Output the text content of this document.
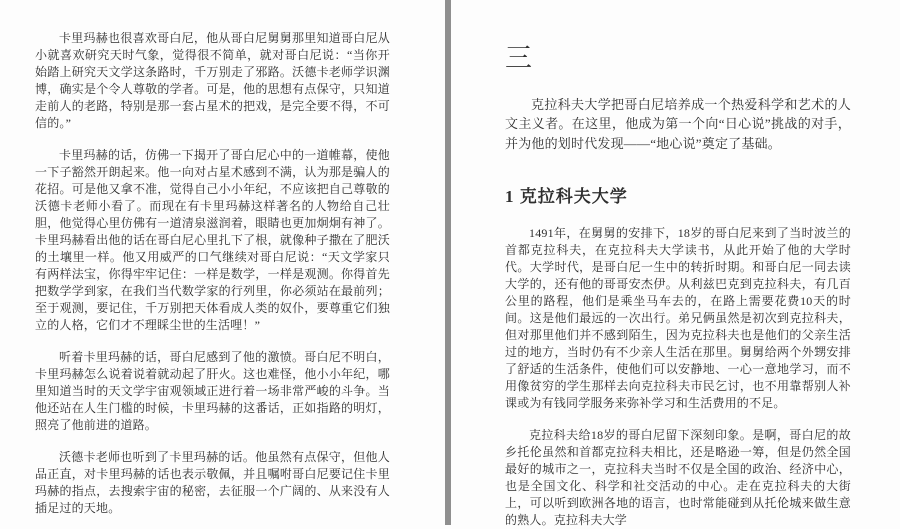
卡里玛赫也很喜欢哥白尼，他从哥白尼舅舅那里知道哥白尼从小就喜欢研究天时气象，觉得很不简单，就对哥白尼说：“当你开始踏上研究天文学这条路时，千万别走了邪路。沃德卡老师学识渊博，确实是个令人尊敬的学者。可是，他的思想有点保守，只知道走前人的老路，特别是那一套占星术的把戏，是完全要不得，不可信的。”

卡里玛赫的话，仿佛一下揭开了哥白尼心中的一道帷幕，使他一下子豁然开朗起来。他一向对占星术感到不满，认为那是骗人的花招。可是他又拿不准，觉得自己小小年纪，不应该把自己尊敬的沃德卡老师小看了。而现在有卡里玛赫这样著名的人物给自己壮胆，他觉得心里仿佛有一道清泉滋润着，眼睛也更加炯炯有神了。卡里玛赫看出他的话在哥白尼心里扎下了根，就像种子撒在了肥沃的土壤里一样。他又用威严的口气继续对哥白尼说：“天文学家只有两样法宝，你得牢牢记住：一样是数学，一样是观测。你得首先把数学学到家，在我们当代数学家的行列里，你必须站在最前列；至于观测，要记住，千万别把天体看成人类的奴仆，要尊重它们独立的人格，它们才不理睬尘世的生活哩！”

听着卡里玛赫的话，哥白尼感到了他的激愤。哥白尼不明白，卡里玛赫怎么说着说着就动起了肝火。这也难怪，他小小年纪，哪里知道当时的天文学宇宙观领域正进行着一场非常严峻的斗争。当他还站在人生门槛的时候，卡里玛赫的这番话，正如指路的明灯，照亮了他前进的道路。

沃德卡老师也听到了卡里玛赫的话。他虽然有点保守，但他人品正直，对卡里玛赫的话也表示敬佩，并且嘱咐哥白尼要记住卡里玛赫的指点，去搜索宇宙的秘密，去征服一个广阔的、从来没有人插足过的天地。

三

克拉科夫大学把哥白尼培养成一个热爱科学和艺术的人文主义者。在这里，他成为第一个向“日心说”挑战的对手，并为他的划时代发现——“地心说”奠定了基础。

1 克拉科夫大学

1491年，在舅舅的安排下，18岁的哥白尼来到了当时波兰的首都克拉科夫，在克拉科夫大学读书，从此开始了他的大学时代。大学时代，是哥白尼一生中的转折时期。和哥白尼一同去读大学的，还有他的哥哥安杰伊。从利兹巴克到克拉科夫，有几百公里的路程，他们是乘坐马车去的，在路上需要花费10天的时间。这是他们最远的一次出行。弟兄俩虽然是初次到克拉科夫，但对那里他们并不感到陌生，因为克拉科夫也是他们的父亲生活过的地方，当时仍有不少亲人生活在那里。舅舅给两个外甥安排了舒适的生活条件，使他们可以安静地、一心一意地学习，而不用像贫穷的学生那样去向克拉科夫市民乞讨，也不用靠帮别人补课或为有钱同学服务来弥补学习和生活费用的不足。

克拉科夫给18岁的哥白尼留下深刻印象。是啊，哥白尼的故乡托伦虽然和首都克拉科夫相比，还是略逊一筹，但是仍然全国最好的城市之一，克拉科夫当时不仅是全国的政治、经济中心，也是全国文化、科学和社交活动的中心。走在克拉科夫的大街上，可以听到欧洲各地的语言，也时常能碰到从托伦城来做生意的熟人。克拉科夫大学
